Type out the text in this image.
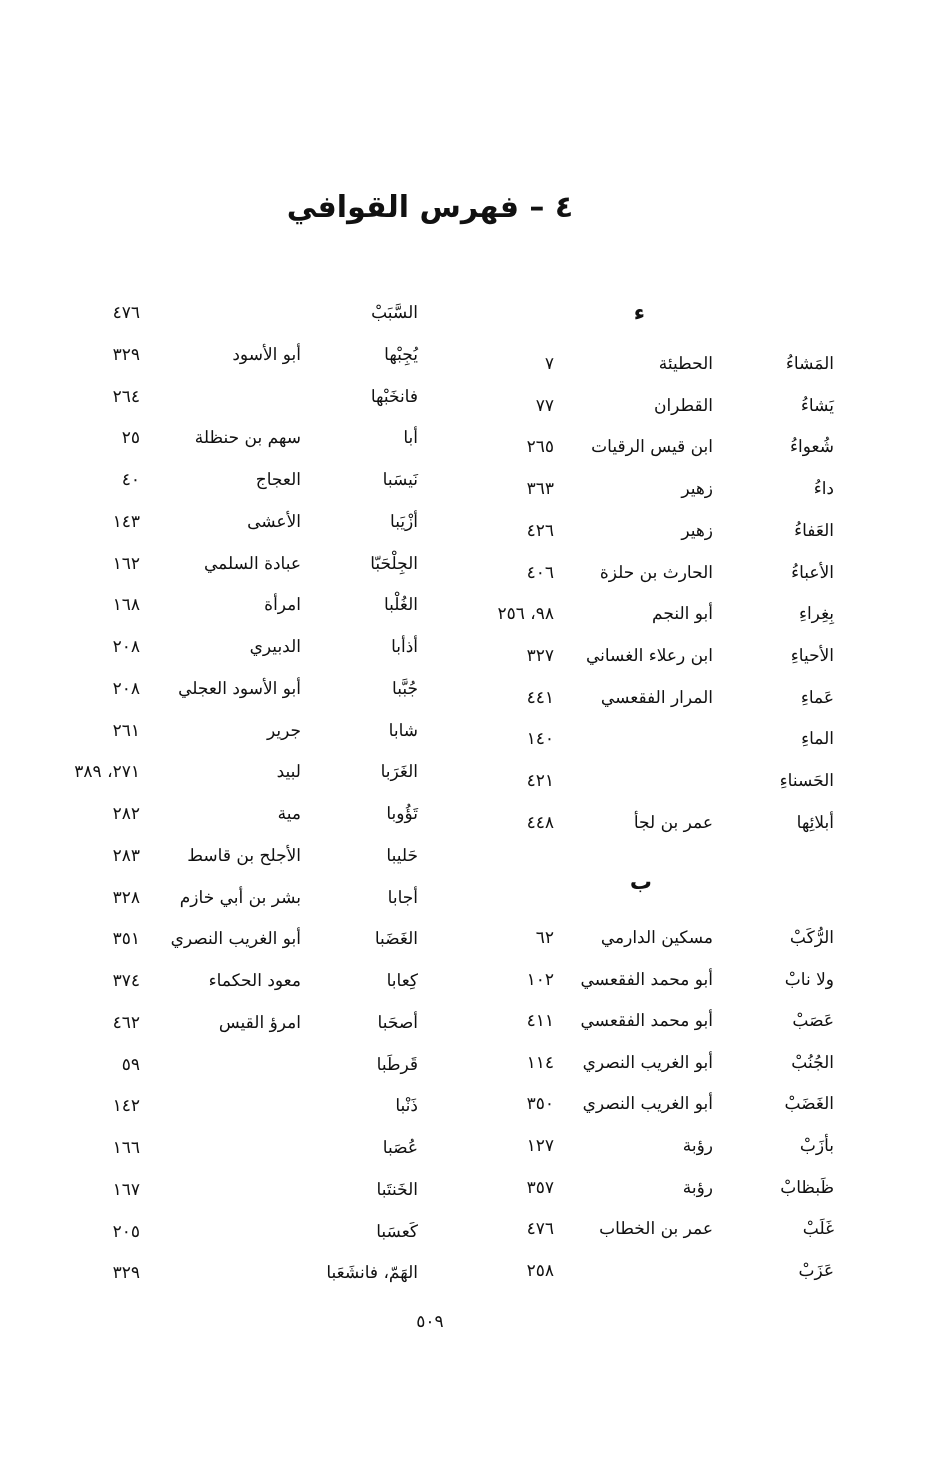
٤ – فهرس القوافي
ء
المَشاءُ
الحطيئة
٧
يَشاءُ
القطران
٧٧
شُعواءُ
ابن قيس الرقيات
٢٦٥
داءُ
زهير
٣٦٣
العَفاءُ
زهير
٤٢٦
الأعباءُ
الحارث بن حلزة
٤٠٦
بِغِراءِ
أبو النجم
٩٨، ٢٥٦
الأحياءِ
ابن رعلاء الغساني
٣٢٧
عَماءِ
المرار الفقعسي
٤٤١
الماءِ
١٤٠
الحَسناءِ
٤٢١
أبلائِها
عمر بن لجأ
٤٤٨
ب
الرُّكَبْ
مسكين الدارمي
٦٢
ولا نابْ
أبو محمد الفقعسي
١٠٢
عَصَبْ
أبو محمد الفقعسي
٤١١
الجُنُبْ
أبو الغريب النصري
١١٤
الغَضَبْ
أبو الغريب النصري
٣٥٠
بأزَبْ
رؤبة
١٢٧
ظَبظابْ
رؤبة
٣٥٧
غَلَبْ
عمر بن الخطاب
٤٧٦
عَزَبْ
٢٥٨
السَّبَبْ
٤٧٦
يُجِبْها
أبو الأسود
٣٢٩
فانخَبْها
٢٦٤
أبا
سهم بن حنظلة
٢٥
نَيسَبا
العجاج
٤٠
أزْيَبا
الأعشى
١٤٣
الجِلْحَبّا
عبادة السلمي
١٦٢
الغُلْبا
امرأة
١٦٨
أذأبا
الدبيري
٢٠٨
جُبَّبا
أبو الأسود العجلي
٢٠٨
شابا
جرير
٢٦١
الغَرَبا
لبيد
٢٧١، ٣٨٩
تَؤُوبا
مية
٢٨٢
حَليبا
الأجلح بن قاسط
٢٨٣
أجابا
بشر بن أبي خازم
٣٢٨
الغَضَبا
أبو الغريب النصري
٣٥١
كِعابا
معود الحكماء
٣٧٤
أصحَبا
امرؤ القيس
٤٦٢
قَرطَبا
٥٩
ذَنْبا
١٤٢
عُصَبا
١٦٦
الخَنتَبا
١٦٧
كَعسَبا
٢٠٥
الهَمّ، فانشَعَبا
٣٢٩
٥٠٩
